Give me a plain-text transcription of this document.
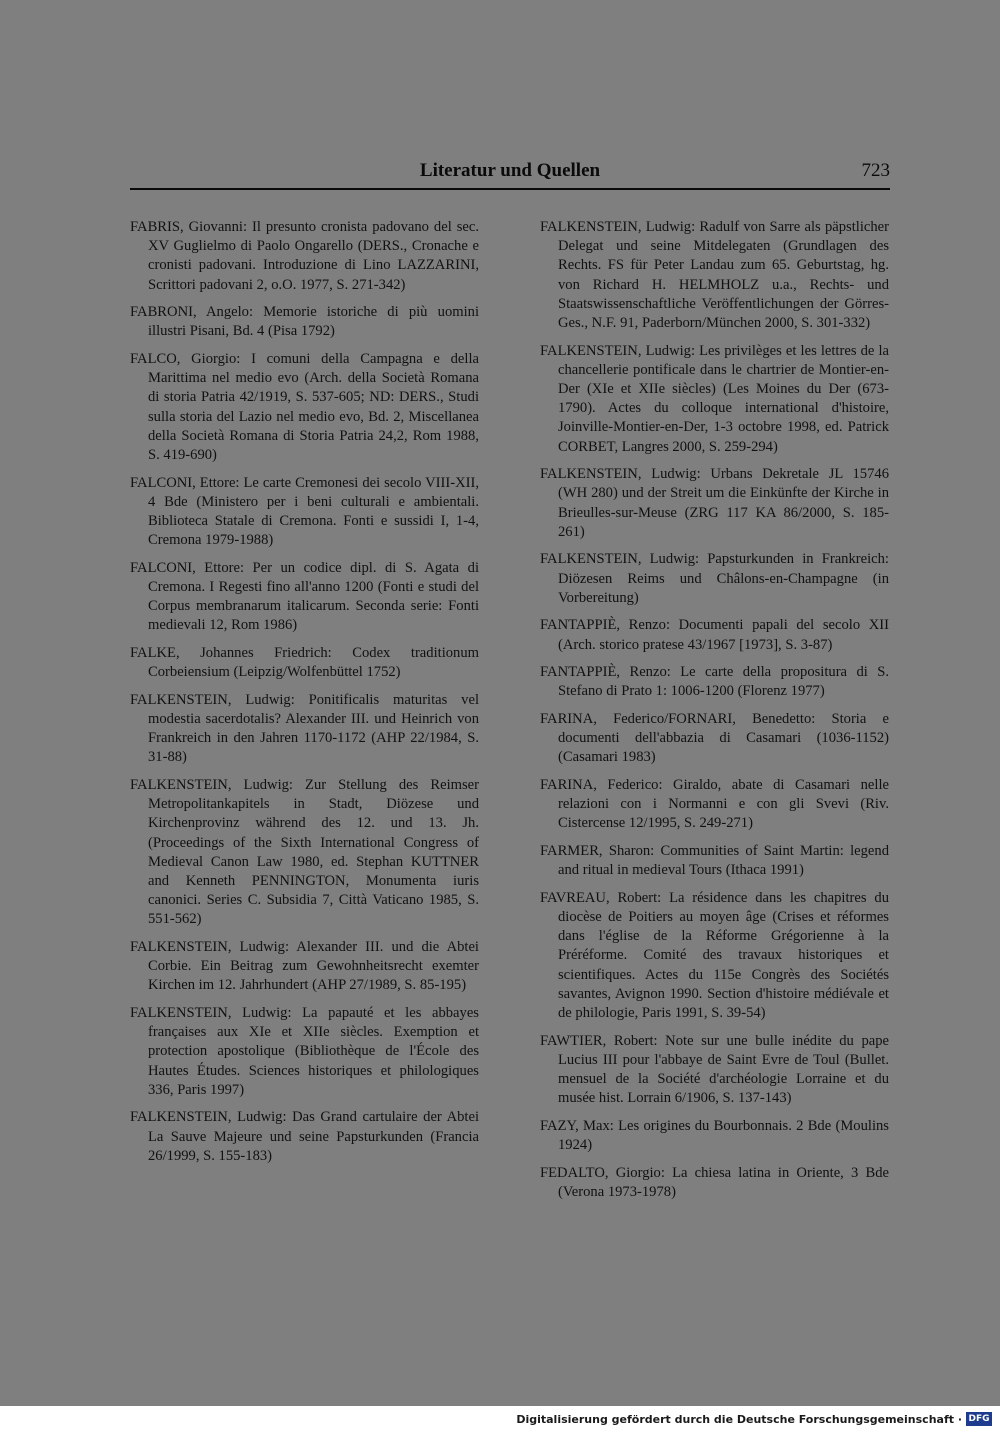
Literatur und Quellen	723

FABRIS, Giovanni: Il presunto cronista padovano del sec. XV Guglielmo di Paolo Ongarello (DERS., Cronache e cronisti padovani. Introduzione di Lino LAZZARINI, Scrittori padovani 2, o.O. 1977, S. 271-342)

FABRONI, Angelo: Memorie istoriche di più uomini illustri Pisani, Bd. 4 (Pisa 1792)

FALCO, Giorgio: I comuni della Campagna e della Marittima nel medio evo (Arch. della Società Romana di storia Patria 42/1919, S. 537-605; ND: DERS., Studi sulla storia del Lazio nel medio evo, Bd. 2, Miscellanea della Società Romana di Storia Patria 24,2, Rom 1988, S. 419-690)

FALCONI, Ettore: Le carte Cremonesi dei secolo VIII-XII, 4 Bde (Ministero per i beni culturali e ambientali. Biblioteca Statale di Cremona. Fonti e sussidi I, 1-4, Cremona 1979-1988)

FALCONI, Ettore: Per un codice dipl. di S. Agata di Cremona. I Regesti fino all'anno 1200 (Fonti e studi del Corpus membranarum italicarum. Seconda serie: Fonti medievali 12, Rom 1986)

FALKE, Johannes Friedrich: Codex traditionum Corbeiensium (Leipzig/Wolfenbüttel 1752)

FALKENSTEIN, Ludwig: Ponitificalis maturitas vel modestia sacerdotalis? Alexander III. und Heinrich von Frankreich in den Jahren 1170-1172 (AHP 22/1984, S. 31-88)

FALKENSTEIN, Ludwig: Zur Stellung des Reimser Metropolitankapitels in Stadt, Diözese und Kirchenprovinz während des 12. und 13. Jh. (Proceedings of the Sixth International Congress of Medieval Canon Law 1980, ed. Stephan KUTTNER and Kenneth PENNINGTON, Monumenta iuris canonici. Series C. Subsidia 7, Città Vaticano 1985, S. 551-562)

FALKENSTEIN, Ludwig: Alexander III. und die Abtei Corbie. Ein Beitrag zum Gewohnheitsrecht exemter Kirchen im 12. Jahrhundert (AHP 27/1989, S. 85-195)

FALKENSTEIN, Ludwig: La papauté et les abbayes françaises aux XIe et XIIe siècles. Exemption et protection apostolique (Bibliothèque de l'École des Hautes Études. Sciences historiques et philologiques 336, Paris 1997)

FALKENSTEIN, Ludwig: Das Grand cartulaire der Abtei La Sauve Majeure und seine Papsturkunden (Francia 26/1999, S. 155-183)

FALKENSTEIN, Ludwig: Radulf von Sarre als päpstlicher Delegat und seine Mitdelegaten (Grundlagen des Rechts. FS für Peter Landau zum 65. Geburtstag, hg. von Richard H. HELMHOLZ u.a., Rechts- und Staatswissenschaftliche Veröffentlichungen der Görres-Ges., N.F. 91, Paderborn/München 2000, S. 301-332)

FALKENSTEIN, Ludwig: Les privilèges et les lettres de la chancellerie pontificale dans le chartrier de Montier-en-Der (XIe et XIIe siècles) (Les Moines du Der (673-1790). Actes du colloque international d'histoire, Joinville-Montier-en-Der, 1-3 octobre 1998, ed. Patrick CORBET, Langres 2000, S. 259-294)

FALKENSTEIN, Ludwig: Urbans Dekretale JL 15746 (WH 280) und der Streit um die Einkünfte der Kirche in Brieulles-sur-Meuse (ZRG 117 KA 86/2000, S. 185-261)

FALKENSTEIN, Ludwig: Papsturkunden in Frankreich: Diözesen Reims und Châlons-en-Champagne (in Vorbereitung)

FANTAPPIÈ, Renzo: Documenti papali del secolo XII (Arch. storico pratese 43/1967 [1973], S. 3-87)

FANTAPPIÈ, Renzo: Le carte della propositura di S. Stefano di Prato 1: 1006-1200 (Florenz 1977)

FARINA, Federico/FORNARI, Benedetto: Storia e documenti dell'abbazia di Casamari (1036-1152) (Casamari 1983)

FARINA, Federico: Giraldo, abate di Casamari nelle relazioni con i Normanni e con gli Svevi (Riv. Cistercense 12/1995, S. 249-271)

FARMER, Sharon: Communities of Saint Martin: legend and ritual in medieval Tours (Ithaca 1991)

FAVREAU, Robert: La résidence dans les chapitres du diocèse de Poitiers au moyen âge (Crises et réformes dans l'église de la Réforme Grégorienne à la Préréforme. Comité des travaux historiques et scientifiques. Actes du 115e Congrès des Sociétés savantes, Avignon 1990. Section d'histoire médiévale et de philologie, Paris 1991, S. 39-54)

FAWTIER, Robert: Note sur une bulle inédite du pape Lucius III pour l'abbaye de Saint Evre de Toul (Bullet. mensuel de la Société d'archéologie Lorraine et du musée hist. Lorrain 6/1906, S. 137-143)

FAZY, Max: Les origines du Bourbonnais. 2 Bde (Moulins 1924)

FEDALTO, Giorgio: La chiesa latina in Oriente, 3 Bde (Verona 1973-1978)

Digitalisierung gefördert durch die Deutsche Forschungsgemeinschaft · DFG
